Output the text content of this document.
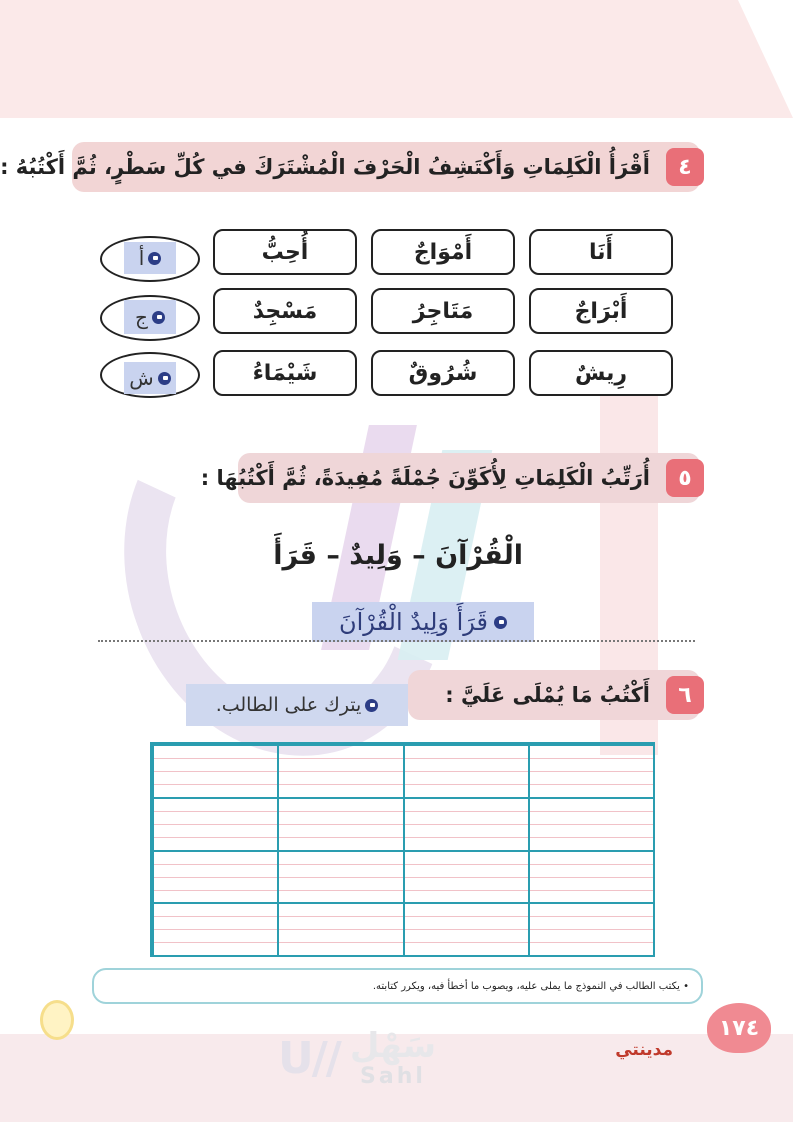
٤
أَقْرَأُ الْكَلِمَاتِ وَأَكْتَشِفُ الْحَرْفَ الْمُشْتَرَكَ في كُلِّ سَطْرٍ، ثُمَّ أَكْتُبُهُ :
أَنَا
أَمْوَاجٌ
أُحِبُّ
أ
أَبْرَاجٌ
مَتَاجِرُ
مَسْجِدٌ
ج
رِيشٌ
شُرُوقٌ
شَيْمَاءُ
ش
٥
أُرَتِّبُ الْكَلِمَاتِ لِأُكَوِّنَ جُمْلَةً مُفِيدَةً، ثُمَّ أَكْتُبُهَا :
الْقُرْآنَ – وَلِيدٌ – قَرَأَ
قَرَأَ وَلِيدٌ الْقُرْآنَ
٦
أَكْتُبُ مَا يُمْلَى عَلَيَّ :
يترك على الطالب.
• يكتب الطالب في النموذج ما يملى عليه، ويصوب ما أخطأ فيه، ويكرر كتابته.
U// سَهْل
Sahl
مدينتي
١٧٤
